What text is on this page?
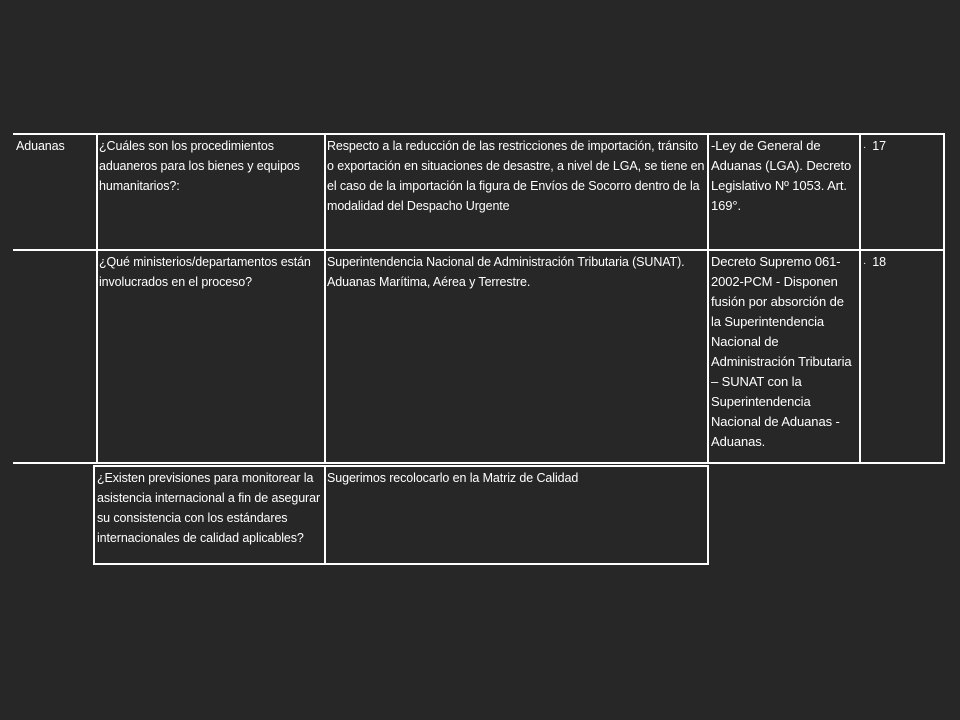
Aduanas	¿Cuáles son los procedimientos aduaneros para los bienes y equipos humanitarios?:
Respecto a la reducción de las restricciones de importación, tránsito o exportación en situaciones de desastre, a nivel de LGA, se tiene en el caso de la importación la figura de Envíos de Socorro dentro de la modalidad del Despacho Urgente
-Ley de General de Aduanas (LGA). Decreto Legislativo Nº 1053. Art. 169°.
· 17
¿Qué ministerios/departamentos están involucrados en el proceso?
Superintendencia Nacional de Administración Tributaria (SUNAT). Aduanas Marítima, Aérea y Terrestre.
Decreto Supremo 061-2002-PCM - Disponen fusión por absorción de la Superintendencia Nacional de Administración Tributaria – SUNAT con la Superintendencia Nacional de Aduanas - Aduanas.
· 18
¿Existen previsiones para monitorear la asistencia internacional a fin de asegurar su consistencia con los estándares internacionales de calidad aplicables?
Sugerimos recolocarlo en la Matriz de Calidad
